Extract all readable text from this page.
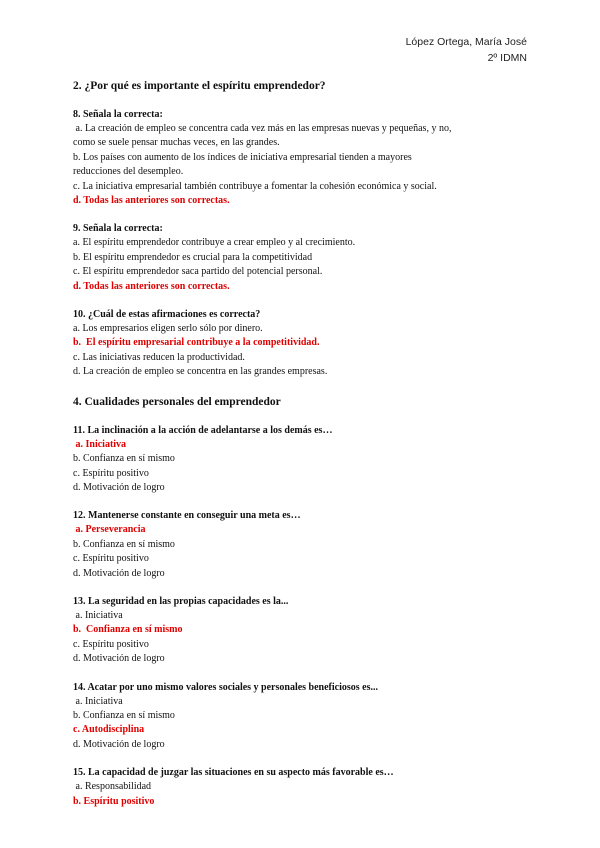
López Ortega, María José
2º IDMN
2. ¿Por qué es importante el espíritu emprendedor?
8. Señala la correcta:
a. La creación de empleo se concentra cada vez más en las empresas nuevas y pequeñas, y no,
como se suele pensar muchas veces, en las grandes.
b. Los países con aumento de los índices de iniciativa empresarial tienden a mayores
reducciones del desempleo.
c. La iniciativa empresarial también contribuye a fomentar la cohesión económica y social.
d. Todas las anteriores son correctas.
9. Señala la correcta:
a. El espíritu emprendedor contribuye a crear empleo y al crecimiento.
b. El espíritu emprendedor es crucial para la competitividad
c. El espíritu emprendedor saca partido del potencial personal.
d. Todas las anteriores son correctas.
10. ¿Cuál de estas afirmaciones es correcta?
a. Los empresarios eligen serlo sólo por dinero.
b.  El espíritu empresarial contribuye a la competitividad.
c. Las iniciativas reducen la productividad.
d. La creación de empleo se concentra en las grandes empresas.
4. Cualidades personales del emprendedor
11. La inclinación a la acción de adelantarse a los demás es…
a. Iniciativa
b. Confianza en sí mismo
c. Espíritu positivo
d. Motivación de logro
12. Mantenerse constante en conseguir una meta es…
a. Perseverancia
b. Confianza en sí mismo
c. Espíritu positivo
d. Motivación de logro
13. La seguridad en las propias capacidades es la...
a. Iniciativa
b.  Confianza en sí mismo
c. Espíritu positivo
d. Motivación de logro
14. Acatar por uno mismo valores sociales y personales beneficiosos es...
a. Iniciativa
b. Confianza en sí mismo
c. Autodisciplina
d. Motivación de logro
15. La capacidad de juzgar las situaciones en su aspecto más favorable es…
a. Responsabilidad
b. Espíritu positivo
